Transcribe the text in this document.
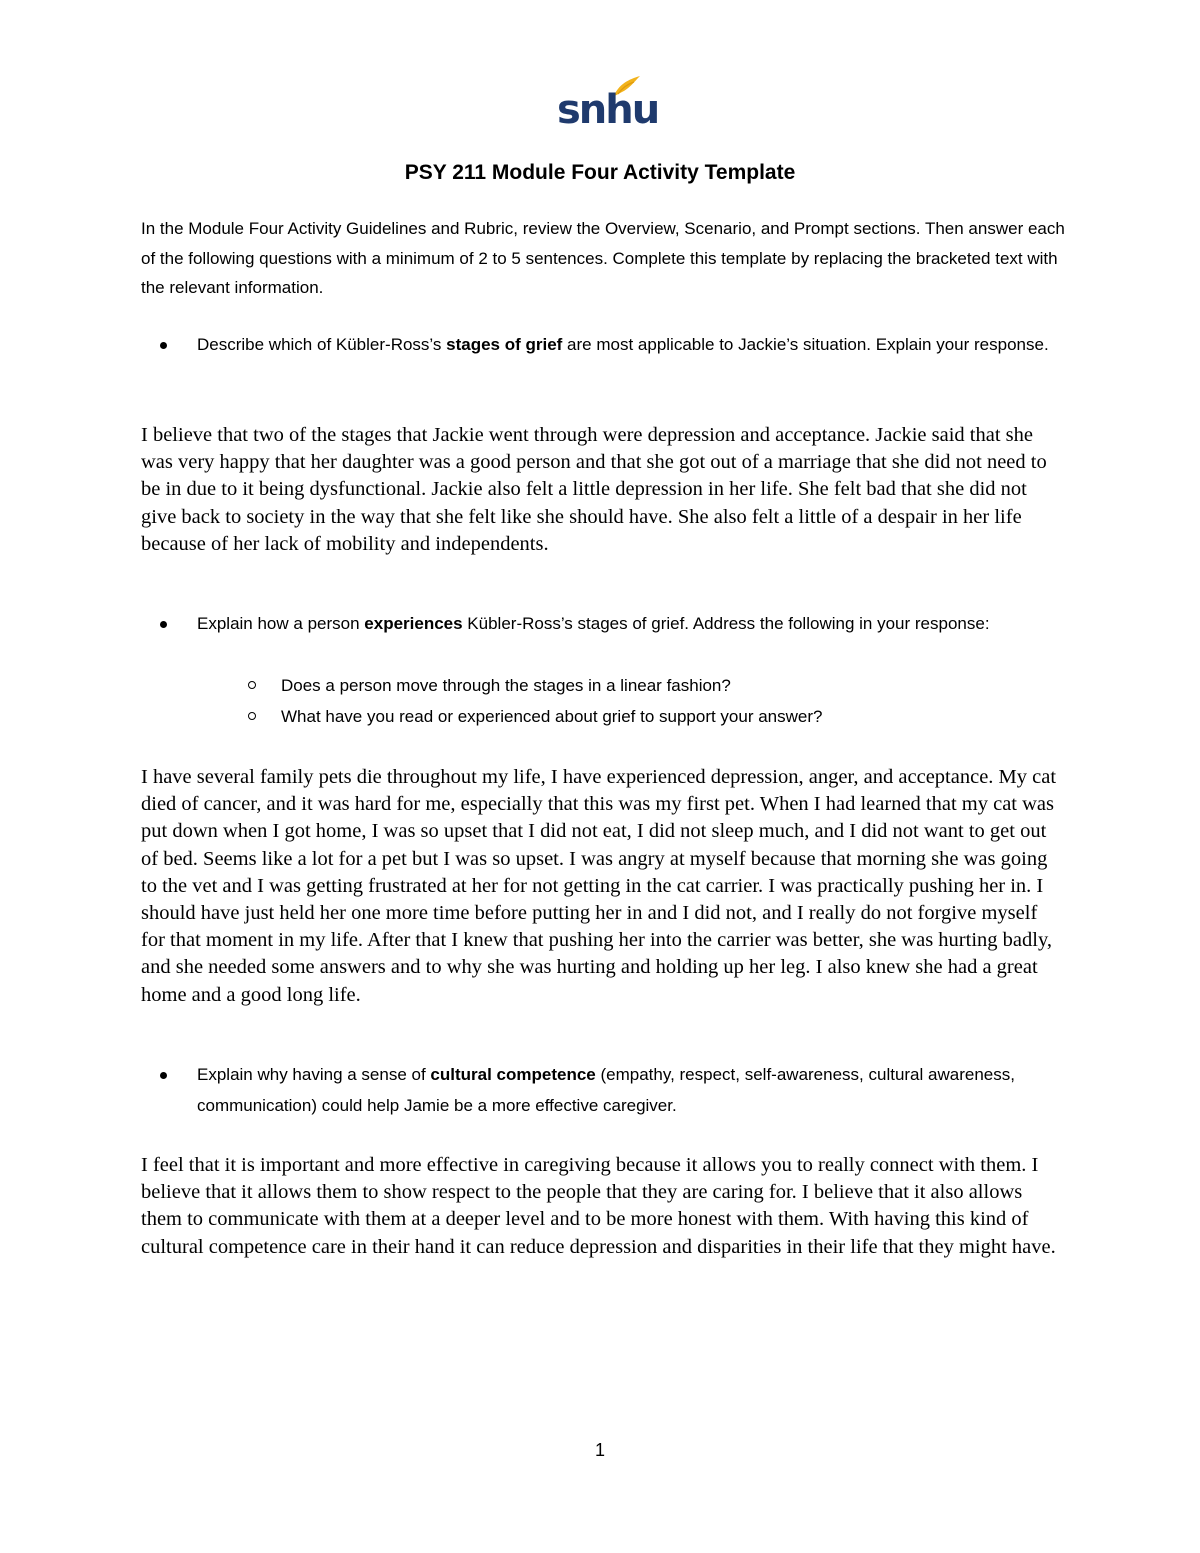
snhu
PSY 211 Module Four Activity Template
In the Module Four Activity Guidelines and Rubric, review the Overview, Scenario, and Prompt sections. Then answer each of the following questions with a minimum of 2 to 5 sentences. Complete this template by replacing the bracketed text with the relevant information.
Describe which of Kübler-Ross’s stages of grief are most applicable to Jackie’s situation. Explain your response.
I believe that two of the stages that Jackie went through were depression and acceptance. Jackie said that she was very happy that her daughter was a good person and that she got out of a marriage that she did not need to be in due to it being dysfunctional. Jackie also felt a little depression in her life. She felt bad that she did not give back to society in the way that she felt like she should have. She also felt a little of a despair in her life because of her lack of mobility and independents.
Explain how a person experiences Kübler-Ross’s stages of grief. Address the following in your response:
Does a person move through the stages in a linear fashion?
What have you read or experienced about grief to support your answer?
I have several family pets die throughout my life, I have experienced depression, anger, and acceptance. My cat died of cancer, and it was hard for me, especially that this was my first pet. When I had learned that my cat was put down when I got home, I was so upset that I did not eat, I did not sleep much, and I did not want to get out of bed. Seems like a lot for a pet but I was so upset. I was angry at myself because that morning she was going to the vet and I was getting frustrated at her for not getting in the cat carrier. I was practically pushing her in. I should have just held her one more time before putting her in and I did not, and I really do not forgive myself for that moment in my life. After that I knew that pushing her into the carrier was better, she was hurting badly, and she needed some answers and to why she was hurting and holding up her leg. I also knew she had a great home and a good long life.
Explain why having a sense of cultural competence (empathy, respect, self-awareness, cultural awareness, communication) could help Jamie be a more effective caregiver.
I feel that it is important and more effective in caregiving because it allows you to really connect with them. I believe that it allows them to show respect to the people that they are caring for. I believe that it also allows them to communicate with them at a deeper level and to be more honest with them. With having this kind of cultural competence care in their hand it can reduce depression and disparities in their life that they might have.
1
